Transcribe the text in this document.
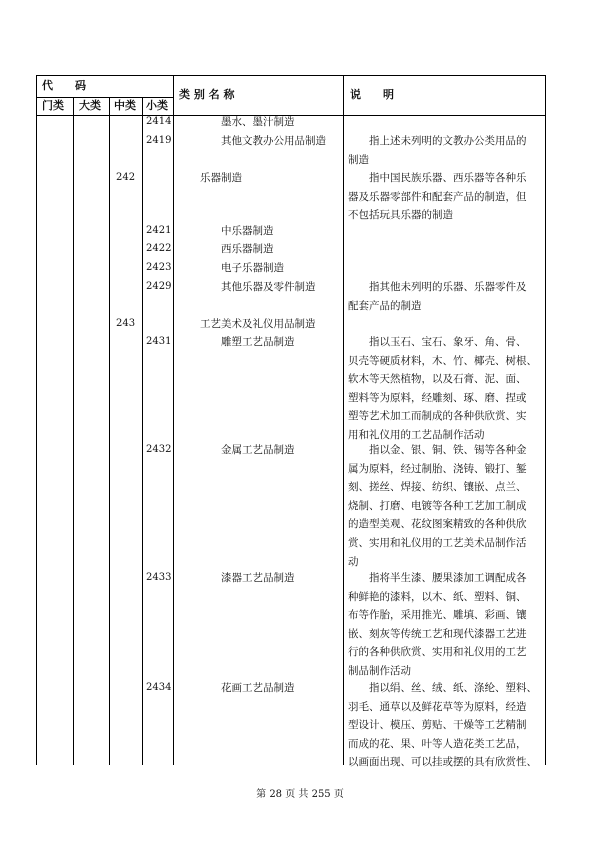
代　　码
门类 大类 中类 小类
类 别 名 称	说　　明
2414	墨水、墨汁制造
2419	其他文教办公用品制造	　　指上述未列明的文教办公类用品的
制造
242	乐器制造	　　指中国民族乐器、西乐器等各种乐
器及乐器零部件和配套产品的制造，但
不包括玩具乐器的制造
2421	中乐器制造
2422	西乐器制造
2423	电子乐器制造
2429	其他乐器及零件制造	　　指其他未列明的乐器、乐器零件及
配套产品的制造
243	工艺美术及礼仪用品制造
2431	雕塑工艺品制造	　　指以玉石、宝石、象牙、角、骨、
贝壳等硬质材料，木、竹、椰壳、树根、
软木等天然植物，以及石膏、泥、面、
塑料等为原料，经雕刻、琢、磨、捏或
塑等艺术加工而制成的各种供欣赏、实
用和礼仪用的工艺品制作活动
2432	金属工艺品制造	　　指以金、银、铜、铁、锡等各种金
属为原料，经过制胎、浇铸、锻打、錾
刻、搓丝、焊接、纺织、镶嵌、点兰、
烧制、打磨、电镀等各种工艺加工制成
的造型美观、花纹图案精致的各种供欣
赏、实用和礼仪用的工艺美术品制作活
动
2433	漆器工艺品制造	　　指将半生漆、腰果漆加工调配成各
种鲜艳的漆料，以木、纸、塑料、铜、
布等作胎，采用推光、雕填、彩画、镶
嵌、刻灰等传统工艺和现代漆器工艺进
行的各种供欣赏、实用和礼仪用的工艺
制品制作活动
2434	花画工艺品制造	　　指以绢、丝、绒、纸、涤纶、塑料、
羽毛、通草以及鲜花草等为原料，经造
型设计、模压、剪贴、干燥等工艺精制
而成的花、果、叶等人造花类工艺品，
以画面出现、可以挂或摆的具有欣赏性、
第 28 页 共 255 页
